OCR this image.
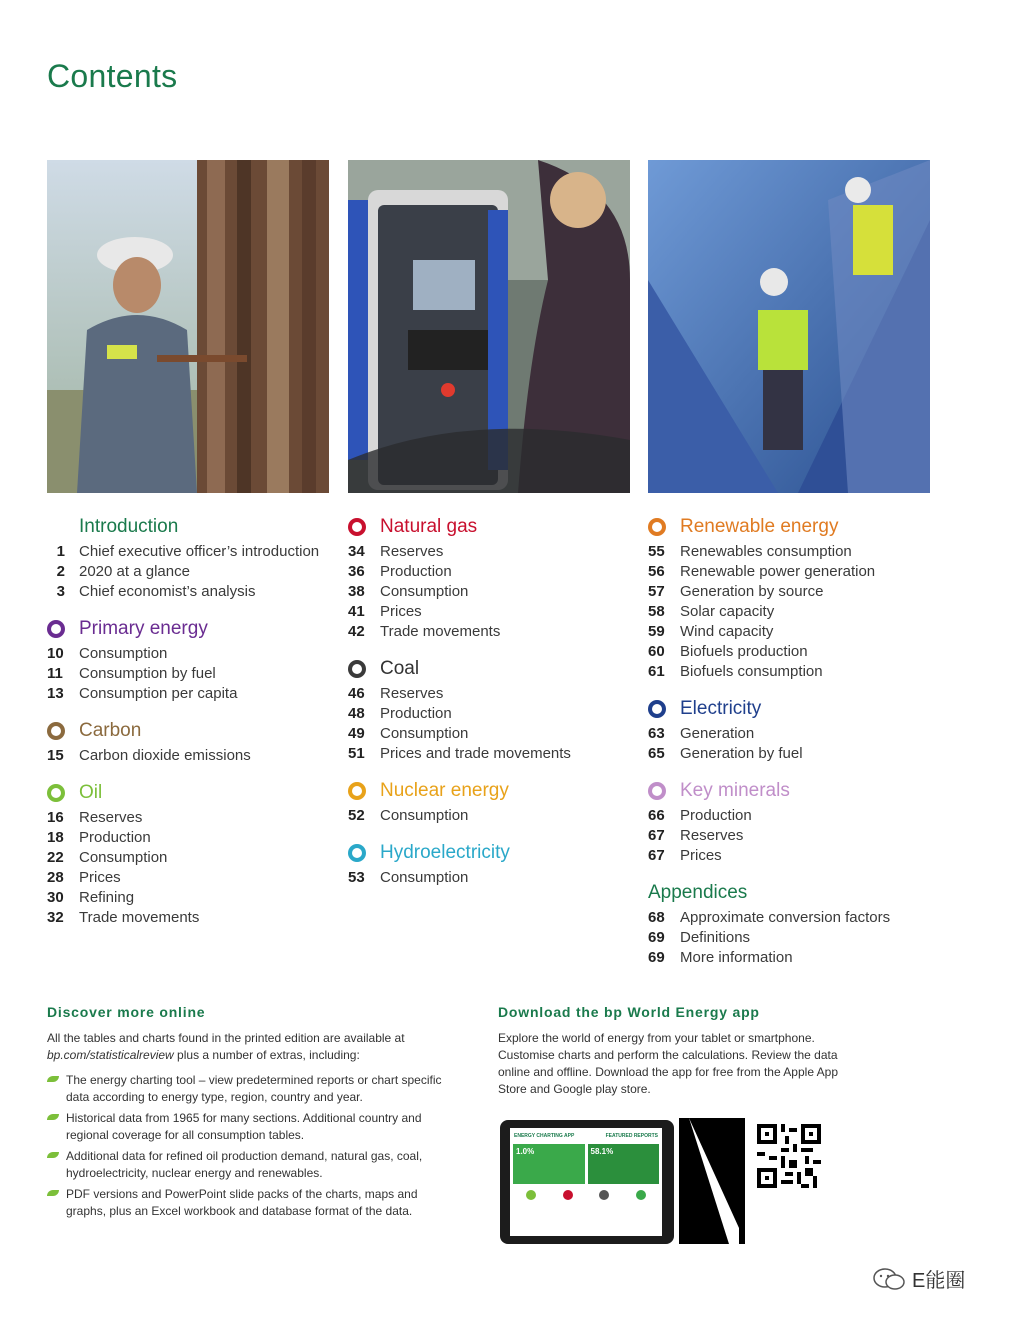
Contents
Introduction
1 Chief executive officer’s introduction
2 2020 at a glance
3 Chief economist’s analysis
Primary energy
10	Consumption
11	Consumption by fuel
13	Consumption per capita
Carbon
15	Carbon dioxide emissions
Oil
16	Reserves
18	Production
22	Consumption
28	Prices
30	Refining
32	Trade movements
Natural gas
34	Reserves
36	Production
38	Consumption
41	Prices
42	Trade movements
Coal
46	Reserves
48	Production
49	Consumption
51	Prices and trade movements
Nuclear energy
52	Consumption
Hydroelectricity
53	Consumption
Renewable energy
55	Renewables consumption
56	Renewable power generation
57	Generation by source
58	Solar capacity
59	Wind capacity
60	Biofuels production
61	Biofuels consumption
Electricity
63	Generation
65	Generation by fuel
Key minerals
66	Production
67	Reserves
67	Prices
Appendices
68	Approximate conversion factors
69	Definitions
69	More information
Discover more online
All the tables and charts found in the printed edition are available at bp.com/statisticalreview plus a number of extras, including:
The energy charting tool – view predetermined reports or chart specific data according to energy type, region, country and year.
Historical data from 1965 for many sections. Additional country and regional coverage for all consumption tables.
Additional data for refined oil production demand, natural gas, coal, hydroelectricity, nuclear energy and renewables.
PDF versions and PowerPoint slide packs of the charts, maps and graphs, plus an Excel workbook and database format of the data.
Download the bp World Energy app
Explore the world of energy from your tablet or smartphone. Customise charts and perform the calculations. Review the data online and offline. Download the app for free from the Apple App Store and Google play store.
ENERGY CHARTING APP	FEATURED REPORTS
1.0%	58.1%
E能圈
